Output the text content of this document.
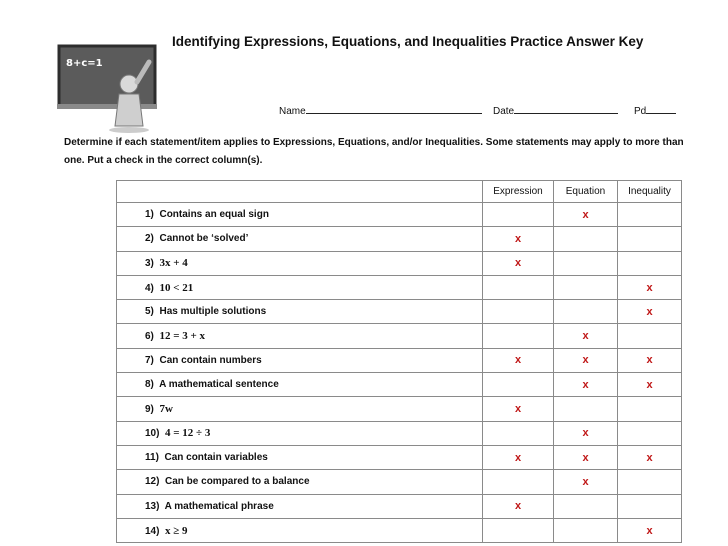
Identifying Expressions, Equations, and Inequalities Practice Answer Key
8+c=1
Name	Date	Pd
Determine if each statement/item applies to Expressions, Equations, and/or Inequalities. Some statements may apply to more than one. Put a check in the correct column(s).
	Expression	Equation	Inequality
1) Contains an equal sign		x	
2) Cannot be ‘solved’	x		
3) 3x + 4	x		
4) 10 < 21			x
5) Has multiple solutions			x
6) 12 = 3 + x		x	
7) Can contain numbers	x	x	x
8) A mathematical sentence		x	x
9) 7w	x		
10) 4 = 12 ÷ 3		x	
11) Can contain variables	x	x	x
12) Can be compared to a balance		x	
13) A mathematical phrase	x		
14) x ≥ 9			x
